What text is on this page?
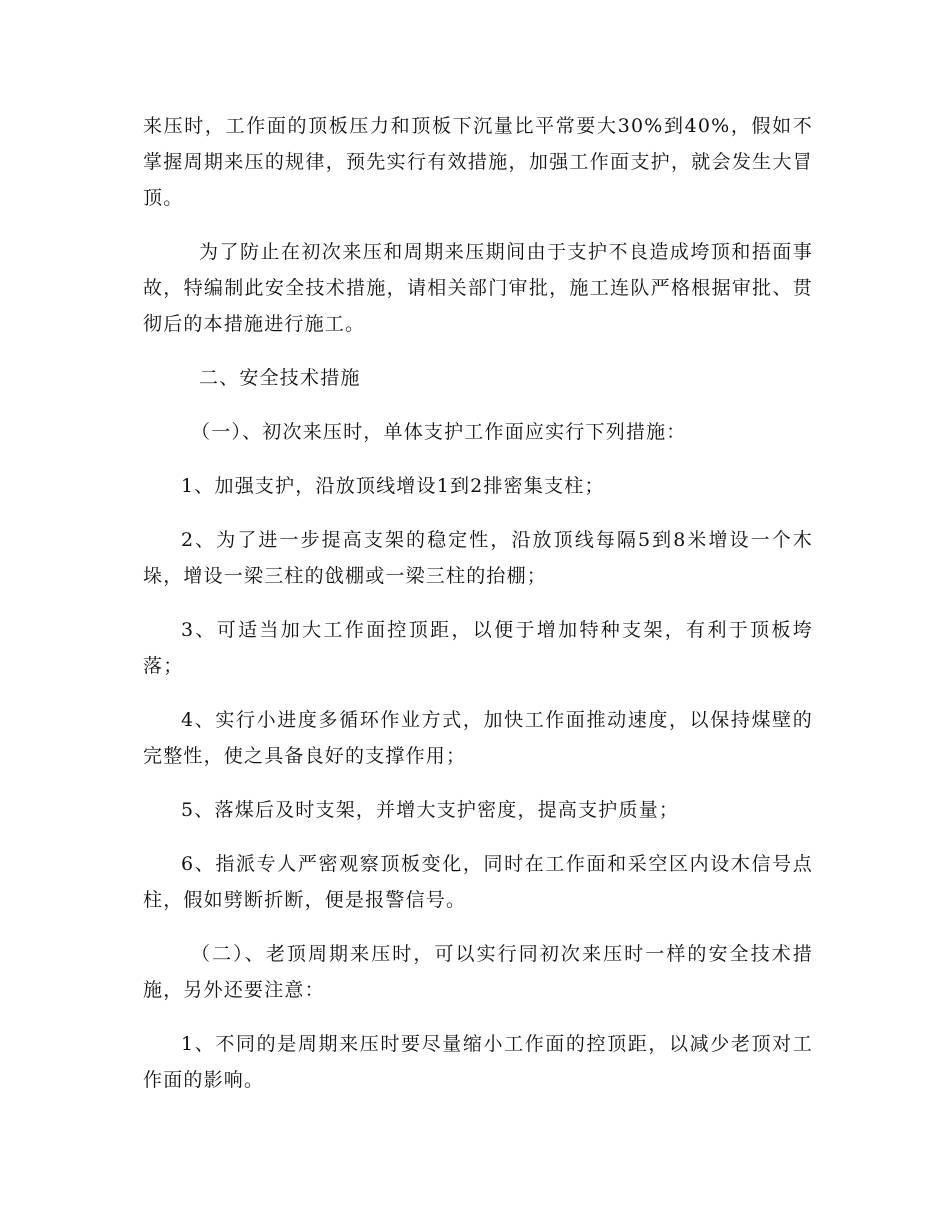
来压时，工作面的顶板压力和顶板下沉量比平常要大30%到40%，假如不掌握周期来压的规律，预先实行有效措施，加强工作面支护，就会发生大冒顶。

为了防止在初次来压和周期来压期间由于支护不良造成垮顶和捂面事故，特编制此安全技术措施，请相关部门审批，施工连队严格根据审批、贯彻后的本措施进行施工。

二、安全技术措施

（一）、初次来压时，单体支护工作面应实行下列措施：

1、加强支护，沿放顶线增设1到2排密集支柱；

2、为了进一步提高支架的稳定性，沿放顶线每隔5到8米增设一个木垛，增设一梁三柱的戗棚或一梁三柱的抬棚；

3、可适当加大工作面控顶距，以便于增加特种支架，有利于顶板垮落；

4、实行小进度多循环作业方式，加快工作面推动速度，以保持煤壁的完整性，使之具备良好的支撑作用；

5、落煤后及时支架，并增大支护密度，提高支护质量；

6、指派专人严密观察顶板变化，同时在工作面和采空区内设木信号点柱，假如劈断折断，便是报警信号。

（二）、老顶周期来压时，可以实行同初次来压时一样的安全技术措施，另外还要注意：

1、不同的是周期来压时要尽量缩小工作面的控顶距，以减少老顶对工作面的影响。
